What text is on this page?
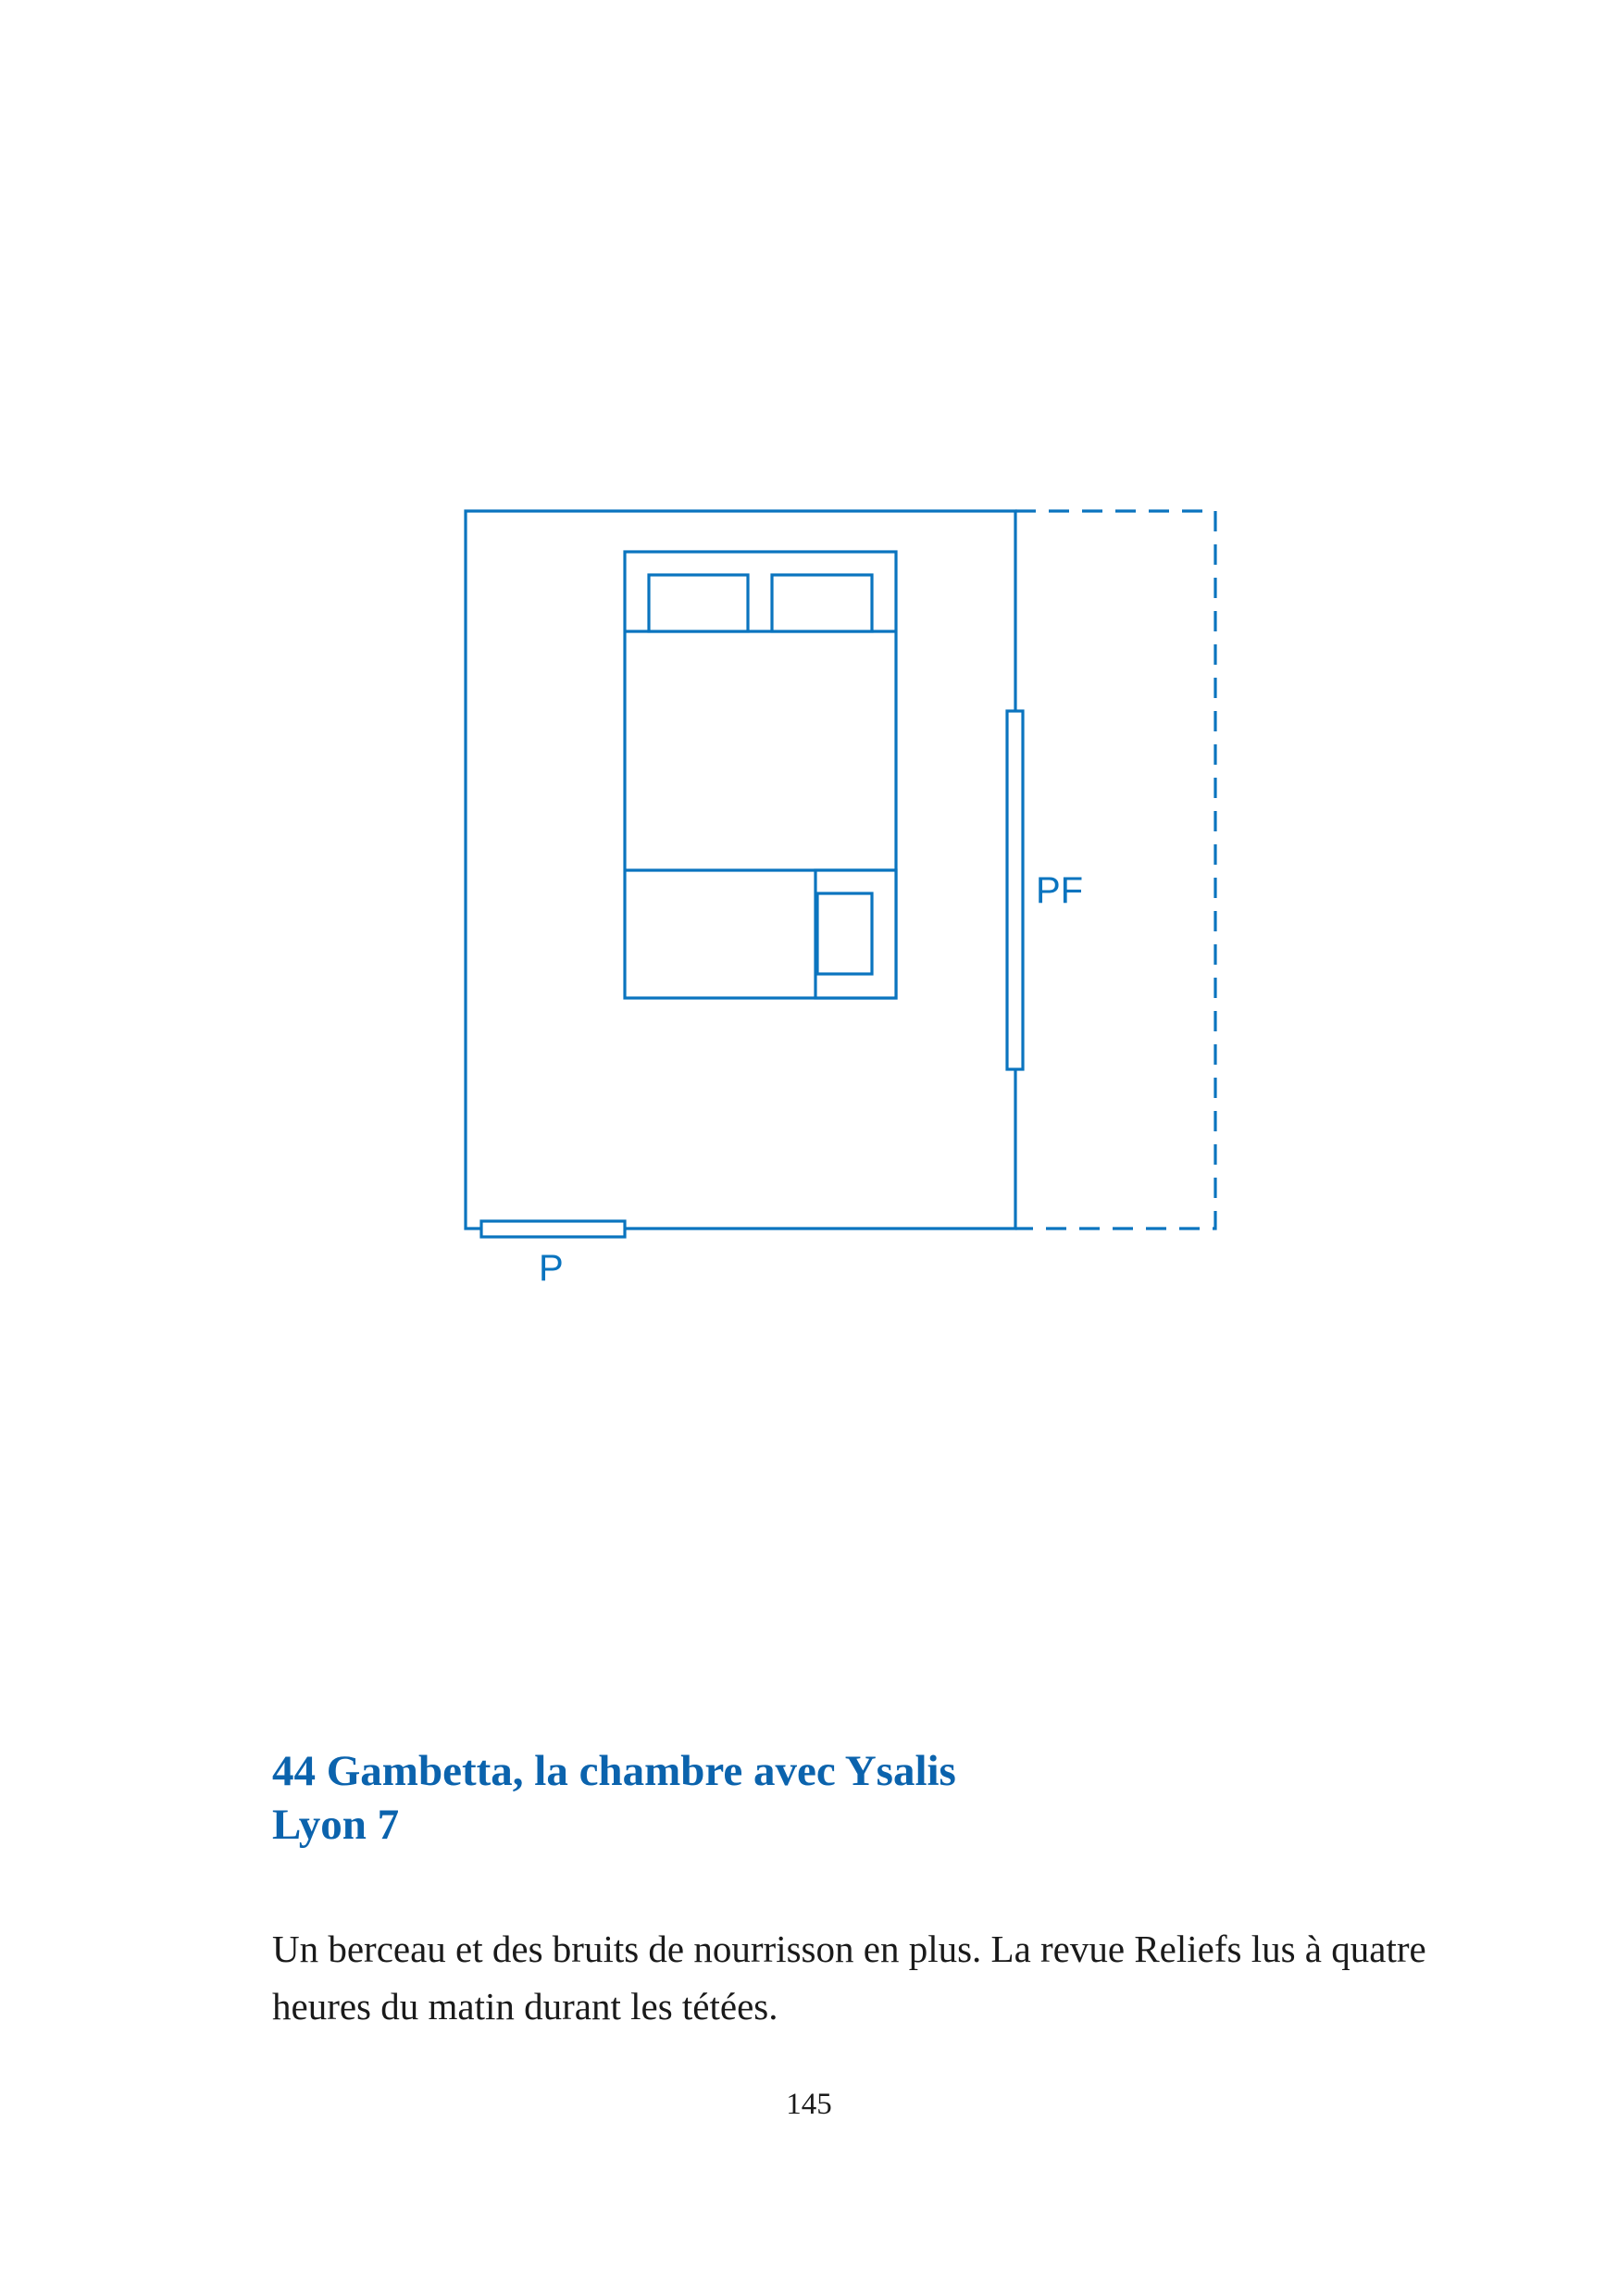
PF
P
44 Gambetta, la chambre avec Ysalis
Lyon 7
Un berceau et des bruits de nourrisson en plus. La revue Reliefs lus à quatre heures du matin durant les tétées.
145
